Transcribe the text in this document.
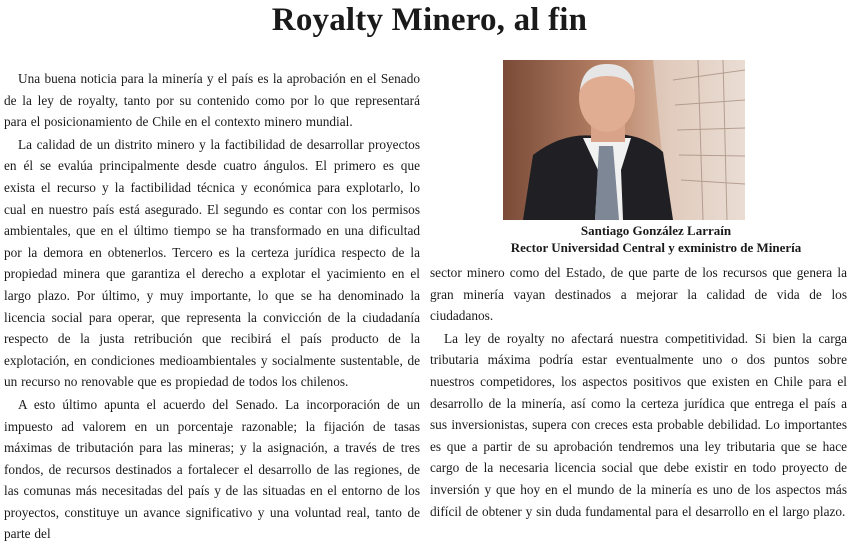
Royalty Minero, al fin

Una buena noticia para la minería y el país es la aprobación en el Senado de la ley de royalty, tanto por su contenido como por lo que representará para el posicionamiento de Chile en el contexto minero mundial.

La calidad de un distrito minero y la factibilidad de desarrollar proyectos en él se evalúa principalmente desde cuatro ángulos. El primero es que exista el recurso y la factibilidad técnica y económica para explotarlo, lo cual en nuestro país está asegurado. El segundo es contar con los permisos ambientales, que en el último tiempo se ha transformado en una dificultad por la demora en obtenerlos. Tercero es la certeza jurídica respecto de la propiedad minera que garantiza el derecho a explotar el yacimiento en el largo plazo. Por último, y muy importante, lo que se ha denominado la licencia social para operar, que representa la convicción de la ciudadanía respecto de la justa retribución que recibirá el país producto de la explotación, en condiciones medioambientales y socialmente sustentable, de un recurso no renovable que es propiedad de todos los chilenos.

A esto último apunta el acuerdo del Senado. La incorporación de un impuesto ad valorem en un porcentaje razonable; la fijación de tasas máximas de tributación para las mineras; y la asignación, a través de tres fondos, de recursos destinados a fortalecer el desarrollo de las regiones, de las comunas más necesitadas del país y de las situadas en el entorno de los proyectos, constituye un avance significativo y una voluntad real, tanto de parte del

Santiago González Larraín
Rector Universidad Central y exministro de Minería

sector minero como del Estado, de que parte de los recursos que genera la gran minería vayan destinados a mejorar la calidad de vida de los ciudadanos.

La ley de royalty no afectará nuestra competitividad. Si bien la carga tributaria máxima podría estar eventualmente uno o dos puntos sobre nuestros competidores, los aspectos positivos que existen en Chile para el desarrollo de la minería, así como la certeza jurídica que entrega el país a sus inversionistas, supera con creces esta probable debilidad. Lo importantes es que a partir de su aprobación tendremos una ley tributaria que se hace cargo de la necesaria licencia social que debe existir en todo proyecto de inversión y que hoy en el mundo de la minería es uno de los aspectos más difícil de obtener y sin duda fundamental para el desarrollo en el largo plazo.
